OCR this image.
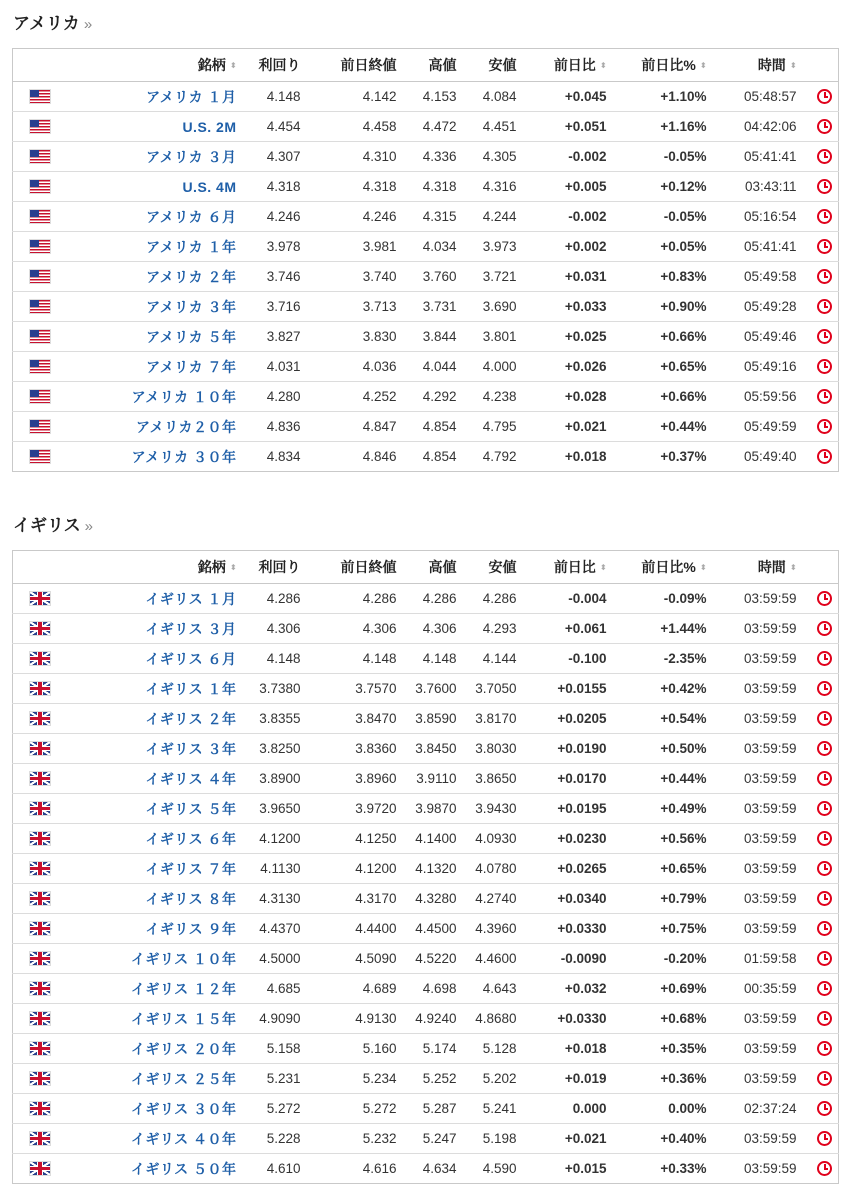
アメリカ »
銘柄 ⬍		利回り	前日終値	高値	安値	前日比 ⬍	前日比% ⬍	時間 ⬍	
	アメリカ １月	4.148	4.142	4.153	4.084	+0.045	+1.10%	05:48:57	
	U.S. 2M	4.454	4.458	4.472	4.451	+0.051	+1.16%	04:42:06	
	アメリカ ３月	4.307	4.310	4.336	4.305	-0.002	-0.05%	05:41:41	
	U.S. 4M	4.318	4.318	4.318	4.316	+0.005	+0.12%	03:43:11	
	アメリカ ６月	4.246	4.246	4.315	4.244	-0.002	-0.05%	05:16:54	
	アメリカ １年	3.978	3.981	4.034	3.973	+0.002	+0.05%	05:41:41	
	アメリカ ２年	3.746	3.740	3.760	3.721	+0.031	+0.83%	05:49:58	
	アメリカ ３年	3.716	3.713	3.731	3.690	+0.033	+0.90%	05:49:28	
	アメリカ ５年	3.827	3.830	3.844	3.801	+0.025	+0.66%	05:49:46	
	アメリカ ７年	4.031	4.036	4.044	4.000	+0.026	+0.65%	05:49:16	
	アメリカ １０年	4.280	4.252	4.292	4.238	+0.028	+0.66%	05:59:56	
	アメリカ２０年	4.836	4.847	4.854	4.795	+0.021	+0.44%	05:49:59	
	アメリカ ３０年	4.834	4.846	4.854	4.792	+0.018	+0.37%	05:49:40	
イギリス »
銘柄 ⬍		利回り	前日終値	高値	安値	前日比 ⬍	前日比% ⬍	時間 ⬍	
	イギリス １月	4.286	4.286	4.286	4.286	-0.004	-0.09%	03:59:59	
	イギリス ３月	4.306	4.306	4.306	4.293	+0.061	+1.44%	03:59:59	
	イギリス ６月	4.148	4.148	4.148	4.144	-0.100	-2.35%	03:59:59	
	イギリス １年	3.7380	3.7570	3.7600	3.7050	+0.0155	+0.42%	03:59:59	
	イギリス ２年	3.8355	3.8470	3.8590	3.8170	+0.0205	+0.54%	03:59:59	
	イギリス ３年	3.8250	3.8360	3.8450	3.8030	+0.0190	+0.50%	03:59:59	
	イギリス ４年	3.8900	3.8960	3.9110	3.8650	+0.0170	+0.44%	03:59:59	
	イギリス ５年	3.9650	3.9720	3.9870	3.9430	+0.0195	+0.49%	03:59:59	
	イギリス ６年	4.1200	4.1250	4.1400	4.0930	+0.0230	+0.56%	03:59:59	
	イギリス ７年	4.1130	4.1200	4.1320	4.0780	+0.0265	+0.65%	03:59:59	
	イギリス ８年	4.3130	4.3170	4.3280	4.2740	+0.0340	+0.79%	03:59:59	
	イギリス ９年	4.4370	4.4400	4.4500	4.3960	+0.0330	+0.75%	03:59:59	
	イギリス １０年	4.5000	4.5090	4.5220	4.4600	-0.0090	-0.20%	01:59:58	
	イギリス １２年	4.685	4.689	4.698	4.643	+0.032	+0.69%	00:35:59	
	イギリス １５年	4.9090	4.9130	4.9240	4.8680	+0.0330	+0.68%	03:59:59	
	イギリス ２０年	5.158	5.160	5.174	5.128	+0.018	+0.35%	03:59:59	
	イギリス ２５年	5.231	5.234	5.252	5.202	+0.019	+0.36%	03:59:59	
	イギリス ３０年	5.272	5.272	5.287	5.241	0.000	0.00%	02:37:24	
	イギリス ４０年	5.228	5.232	5.247	5.198	+0.021	+0.40%	03:59:59	
	イギリス ５０年	4.610	4.616	4.634	4.590	+0.015	+0.33%	03:59:59	
